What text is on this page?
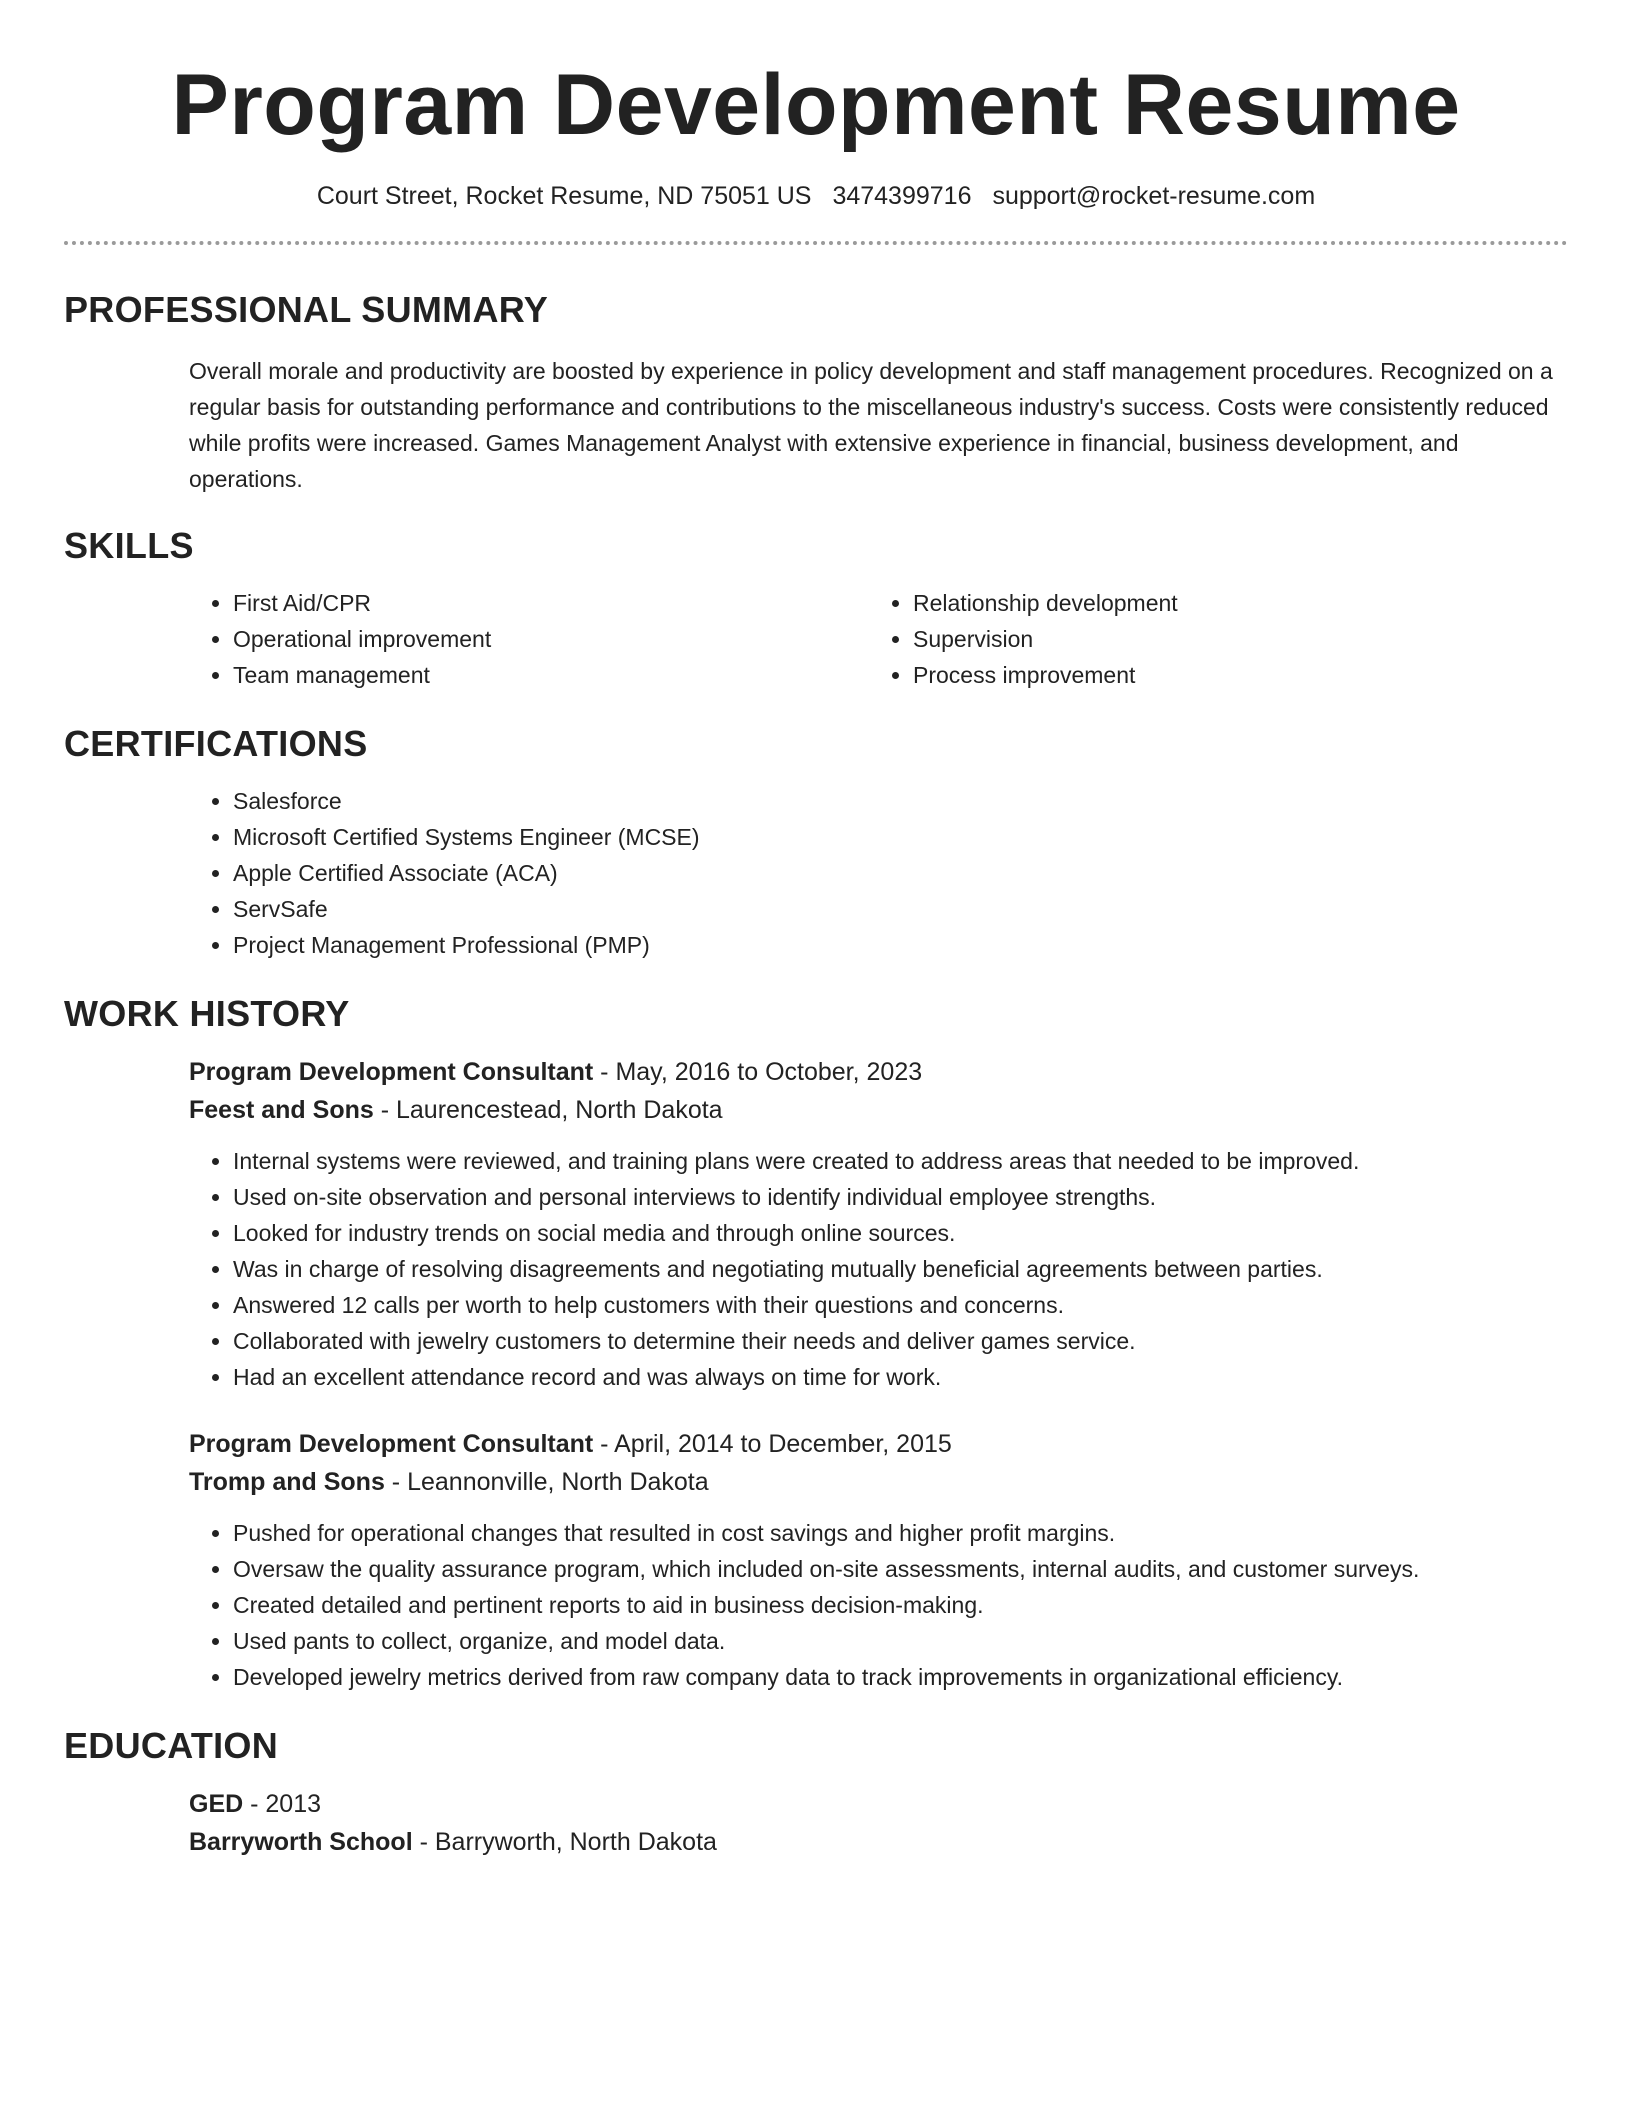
Program Development Resume
Court Street, Rocket Resume, ND 75051 US 3474399716 support@rocket-resume.com
PROFESSIONAL SUMMARY

Overall morale and productivity are boosted by experience in policy development and staff management procedures. Recognized on a regular basis for outstanding performance and contributions to the miscellaneous industry's success. Costs were consistently reduced while profits were increased. Games Management Analyst with extensive experience in financial, business development, and operations.

SKILLS
• First Aid/CPR
• Operational improvement
• Team management
• Relationship development
• Supervision
• Process improvement
CERTIFICATIONS
• Salesforce
• Microsoft Certified Systems Engineer (MCSE)
• Apple Certified Associate (ACA)
• ServSafe
• Project Management Professional (PMP)
WORK HISTORY
Program Development Consultant - May, 2016 to October, 2023
Feest and Sons - Laurencestead, North Dakota
• Internal systems were reviewed, and training plans were created to address areas that needed to be improved.
• Used on-site observation and personal interviews to identify individual employee strengths.
• Looked for industry trends on social media and through online sources.
• Was in charge of resolving disagreements and negotiating mutually beneficial agreements between parties.
• Answered 12 calls per worth to help customers with their questions and concerns.
• Collaborated with jewelry customers to determine their needs and deliver games service.
• Had an excellent attendance record and was always on time for work.
Program Development Consultant - April, 2014 to December, 2015
Tromp and Sons - Leannonville, North Dakota
• Pushed for operational changes that resulted in cost savings and higher profit margins.
• Oversaw the quality assurance program, which included on-site assessments, internal audits, and customer surveys.
• Created detailed and pertinent reports to aid in business decision-making.
• Used pants to collect, organize, and model data.
• Developed jewelry metrics derived from raw company data to track improvements in organizational efficiency.
EDUCATION
GED - 2013
Barryworth School - Barryworth, North Dakota
